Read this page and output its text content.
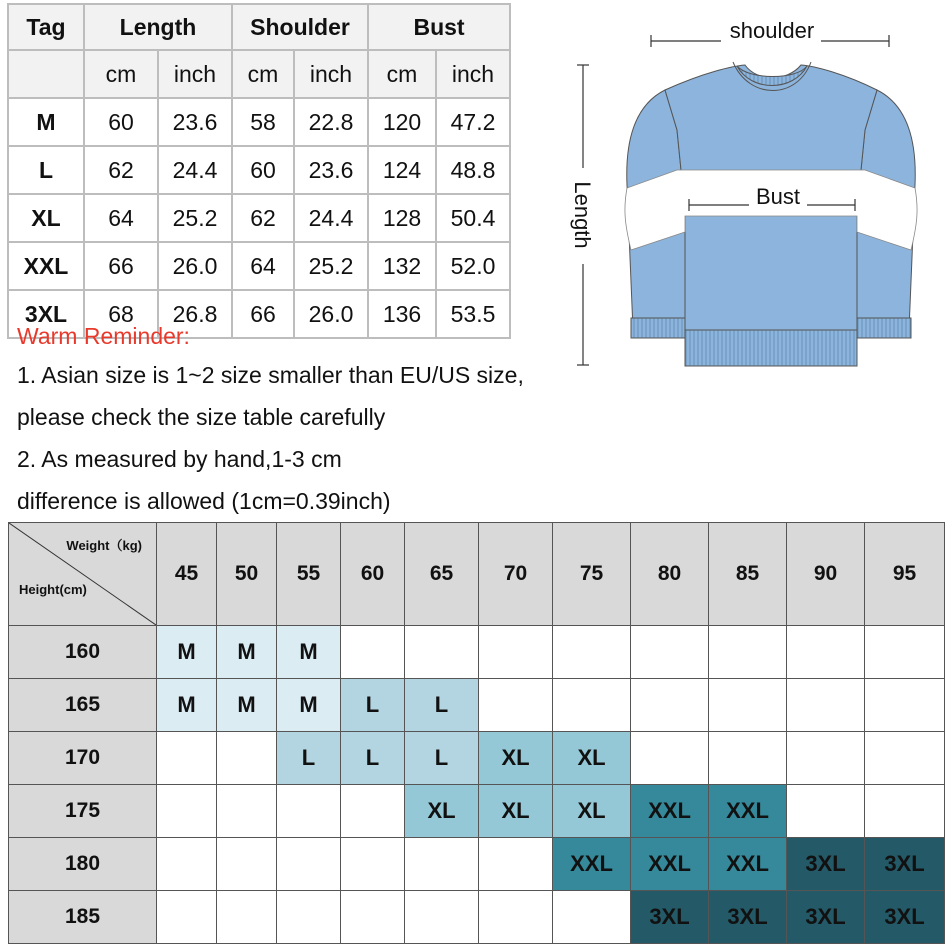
Tag	Length		Shoulder		Bust	
	cm	inch	cm	inch	cm	inch
M	60	23.6	58	22.8	120	47.2
L	62	24.4	60	23.6	124	48.8
XL	64	25.2	62	24.4	128	50.4
XXL	66	26.0	64	25.2	132	52.0
3XL	68	26.8	66	26.0	136	53.5
Warm Reminder:
1. Asian size is 1~2 size smaller than EU/US size,
please check the size table carefully
2. As measured by hand,1-3 cm
difference is allowed (1cm=0.39inch)
shoulder
Length	Bust
Weight（kg)
Height(cm)	45	50	55	60	65	70	75	80	85	90	95
160	M	M	M								
165	M	M	M	L	L						
170			L	L	L	XL	XL				
175					XL	XL	XL	XXL	XXL		
180							XXL	XXL	XXL	3XL	3XL
185								3XL	3XL	3XL	3XL
